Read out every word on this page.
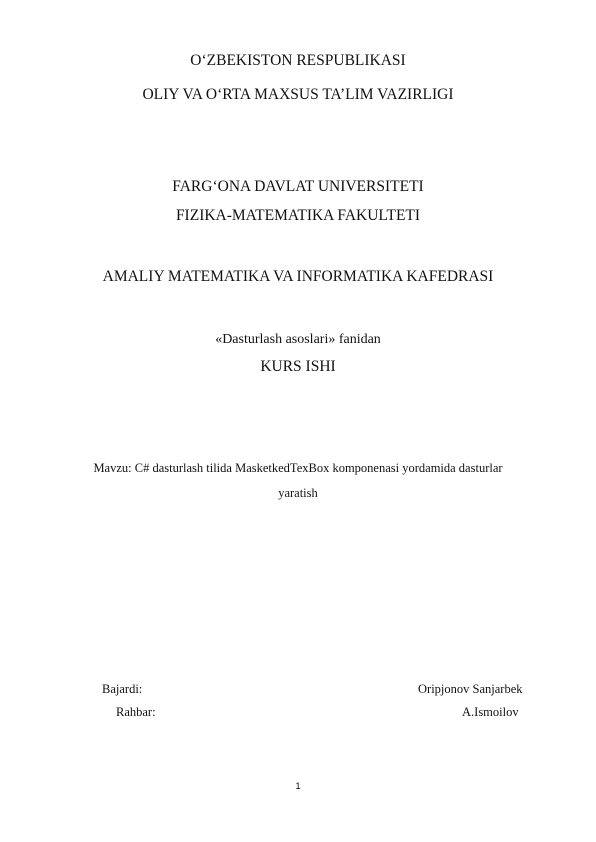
O‘ZBEKISTON RESPUBLIKASI
OLIY VA O‘RTA MAXSUS TA’LIM VAZIRLIGI
FARG‘ONA DAVLAT UNIVERSITETI
FIZIKA-MATEMATIKA FAKULTETI
AMALIY MATEMATIKA VA INFORMATIKA KAFEDRASI
«Dasturlash asoslari» fanidan
KURS ISHI
Mavzu: C# dasturlash tilida MasketkedTexBox komponenasi yordamida dasturlar
yaratish
Bajardi:	Oripjonov Sanjarbek
Rahbar:	A.Ismoilov
1
